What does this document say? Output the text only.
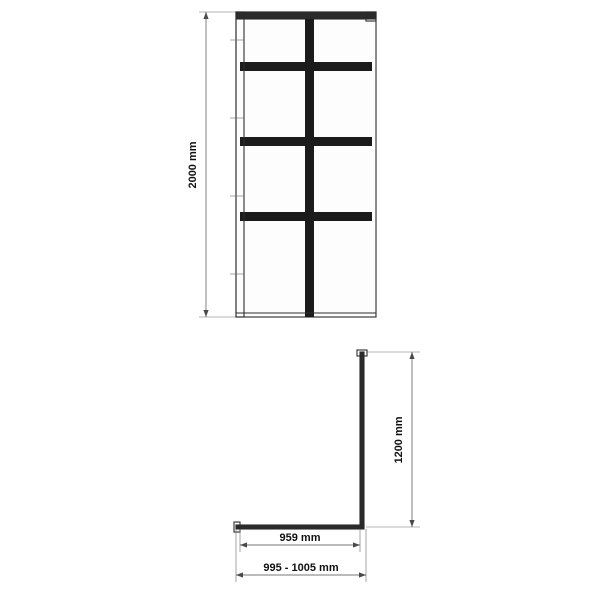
2000 mm
1200 mm
959 mm
995 - 1005 mm
